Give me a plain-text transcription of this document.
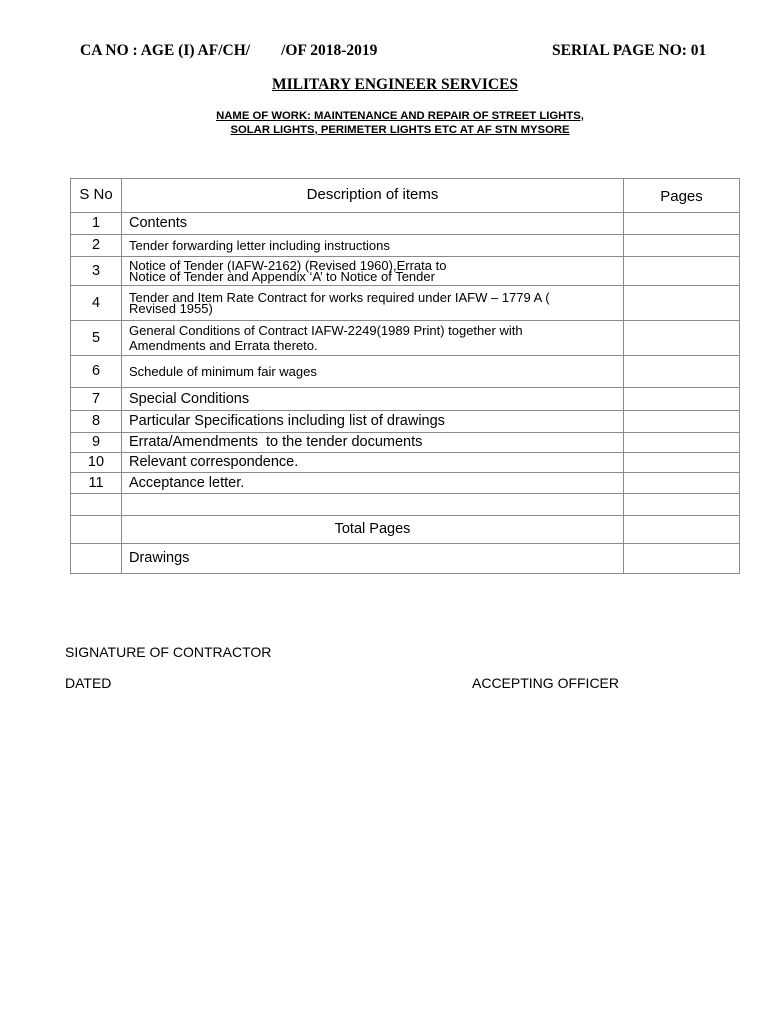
CA NO : AGE (I) AF/CH/        /OF 2018-2019	SERIAL PAGE NO: 01
MILITARY ENGINEER SERVICES
NAME OF WORK: MAINTENANCE AND REPAIR OF STREET LIGHTS,
SOLAR LIGHTS, PERIMETER LIGHTS ETC AT AF STN MYSORE
S No	Description of items	Pages
1	Contents	
2	Tender forwarding letter including instructions	
3	Notice of Tender (IAFW-2162) (Revised 1960),Errata to
Notice of Tender and Appendix ‘A’ to Notice of Tender	

4	Tender and Item Rate Contract for works required under IAFW – 1779 A (
Revised 1955)	

5	General Conditions of Contract IAFW-2249(1989 Print) together with
Amendments and Errata thereto.	

6	Schedule of minimum fair wages	
7	Special Conditions	
8	Particular Specifications including list of drawings	
9	Errata/Amendments  to the tender documents	
10	Relevant correspondence.	
11	Acceptance letter.	

	Total Pages	
	Drawings	
SIGNATURE OF CONTRACTOR
DATED	ACCEPTING OFFICER
